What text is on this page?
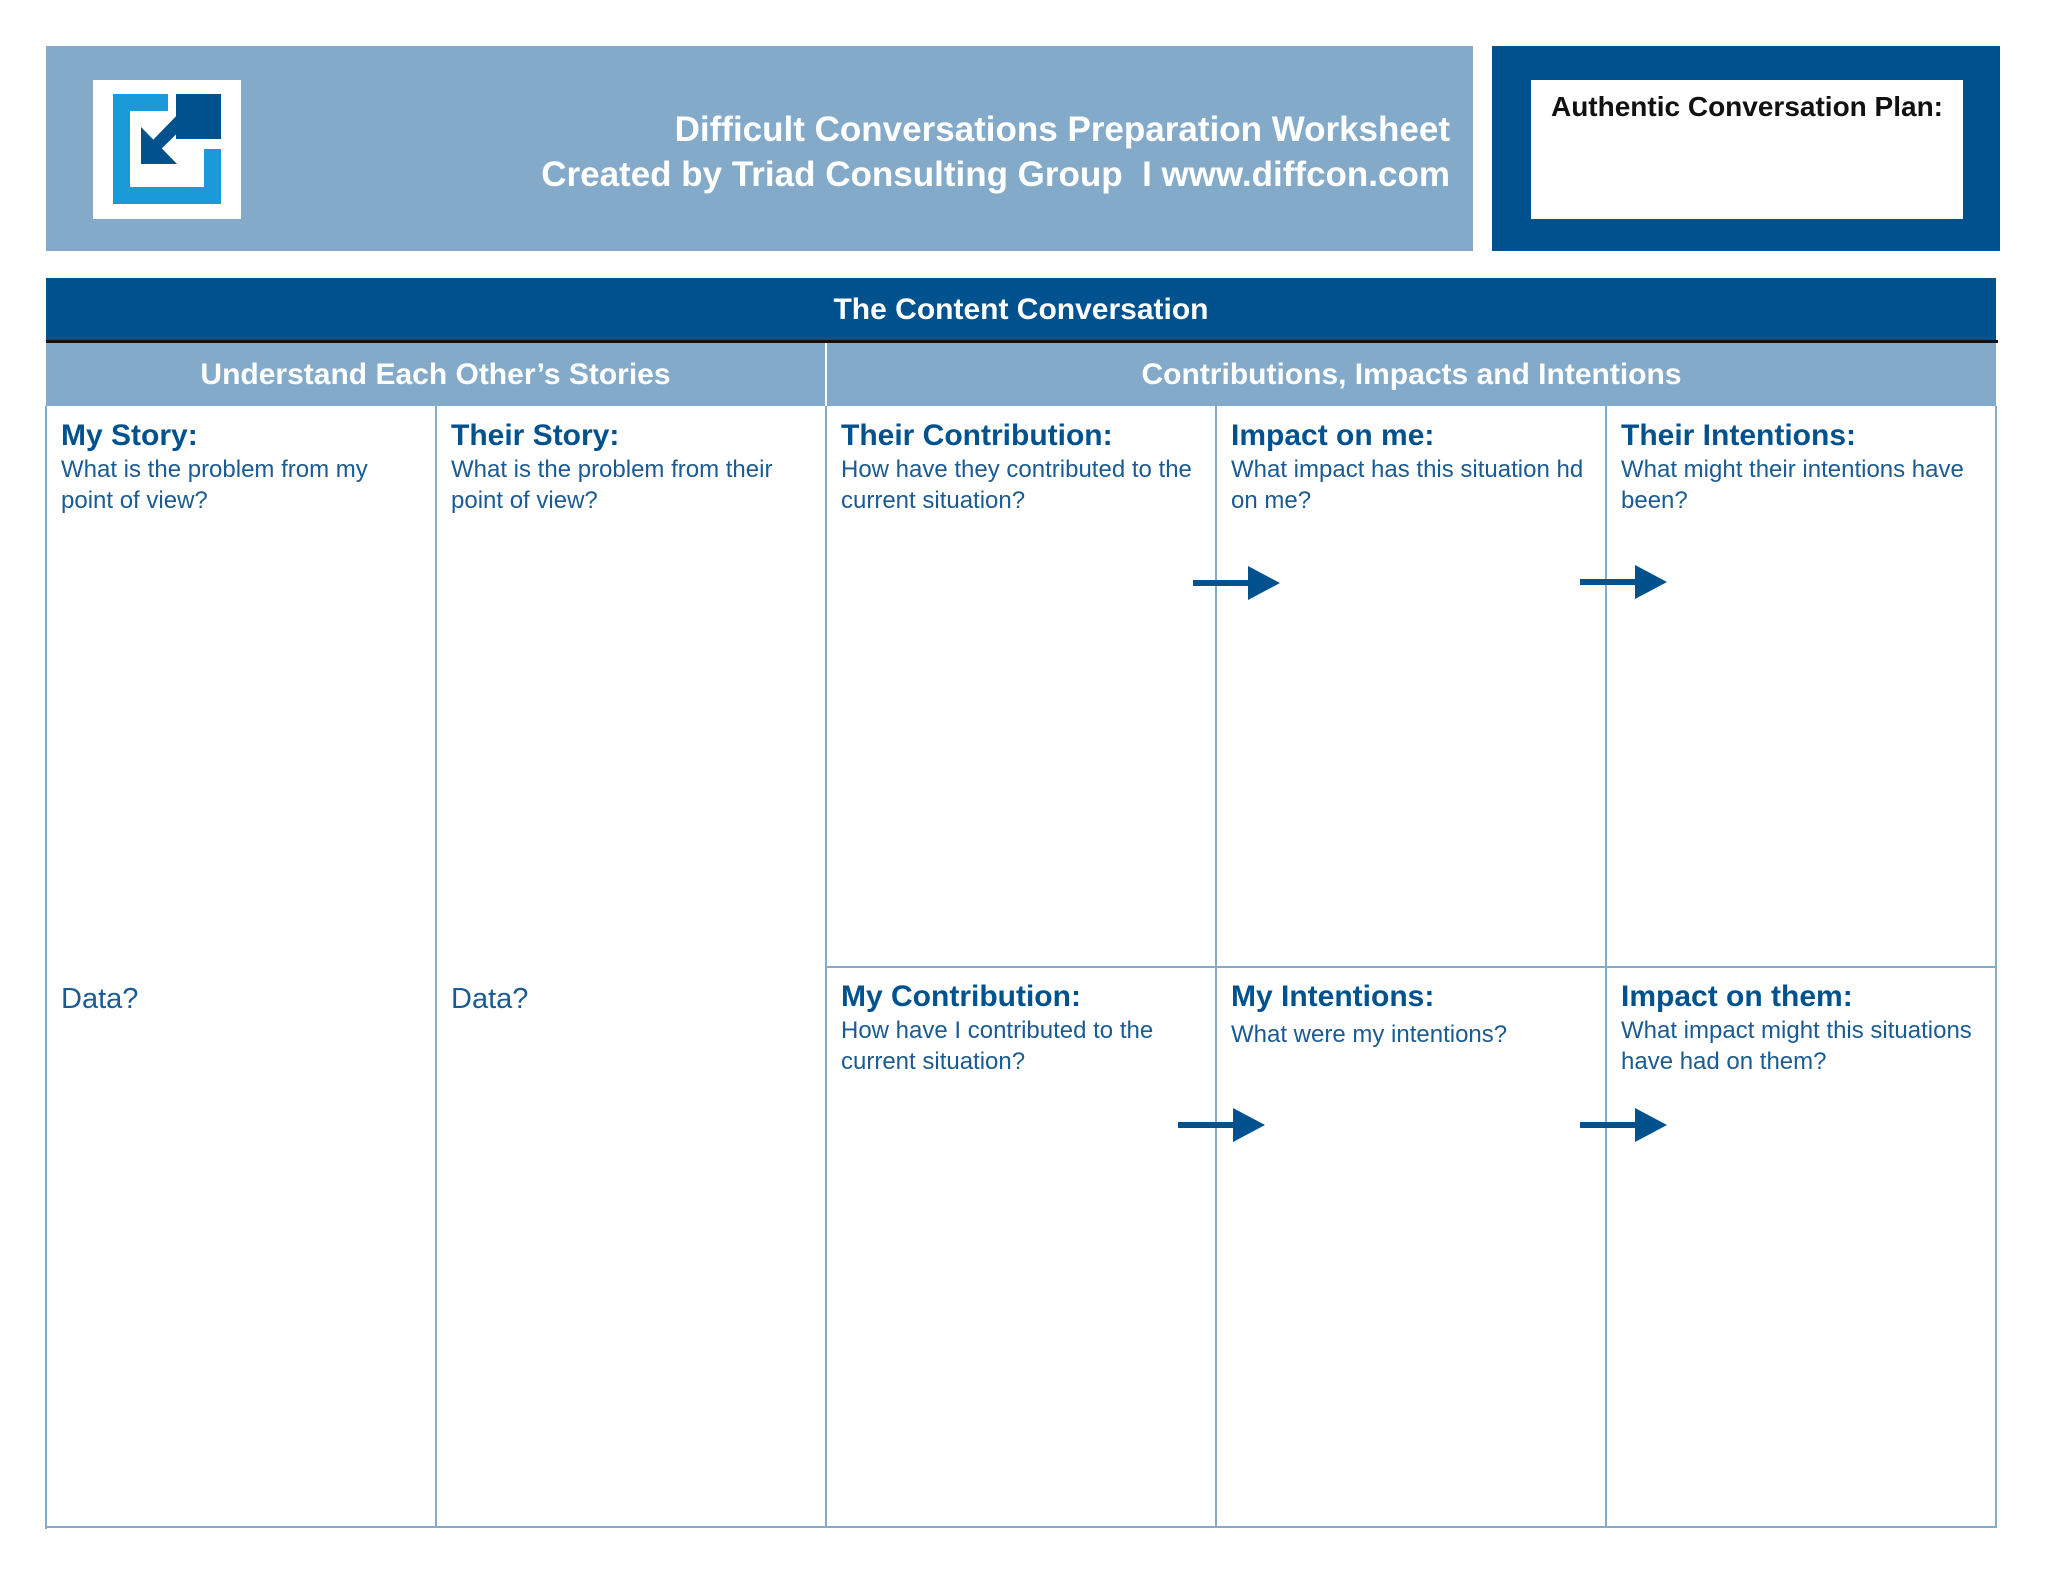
Difficult Conversations Preparation Worksheet
Created by Triad Consulting Group  I www.diffcon.com
Authentic Conversation Plan:
The Content Conversation
Understand Each Other’s Stories	Contributions, Impacts and Intentions
My Story:
What is the problem from my point of view?
Their Story:
What is the problem from their point of view?
Data?	Data?
Their Contribution:
How have they contributed to the current situation?
Impact on me:
What impact has this situation hd on me?
Their Intentions:
What might their intentions have been?
My Contribution:
How have I contributed to the current situation?
My Intentions:
What were my intentions?
Impact on them:
What impact might this situations have had on them?
